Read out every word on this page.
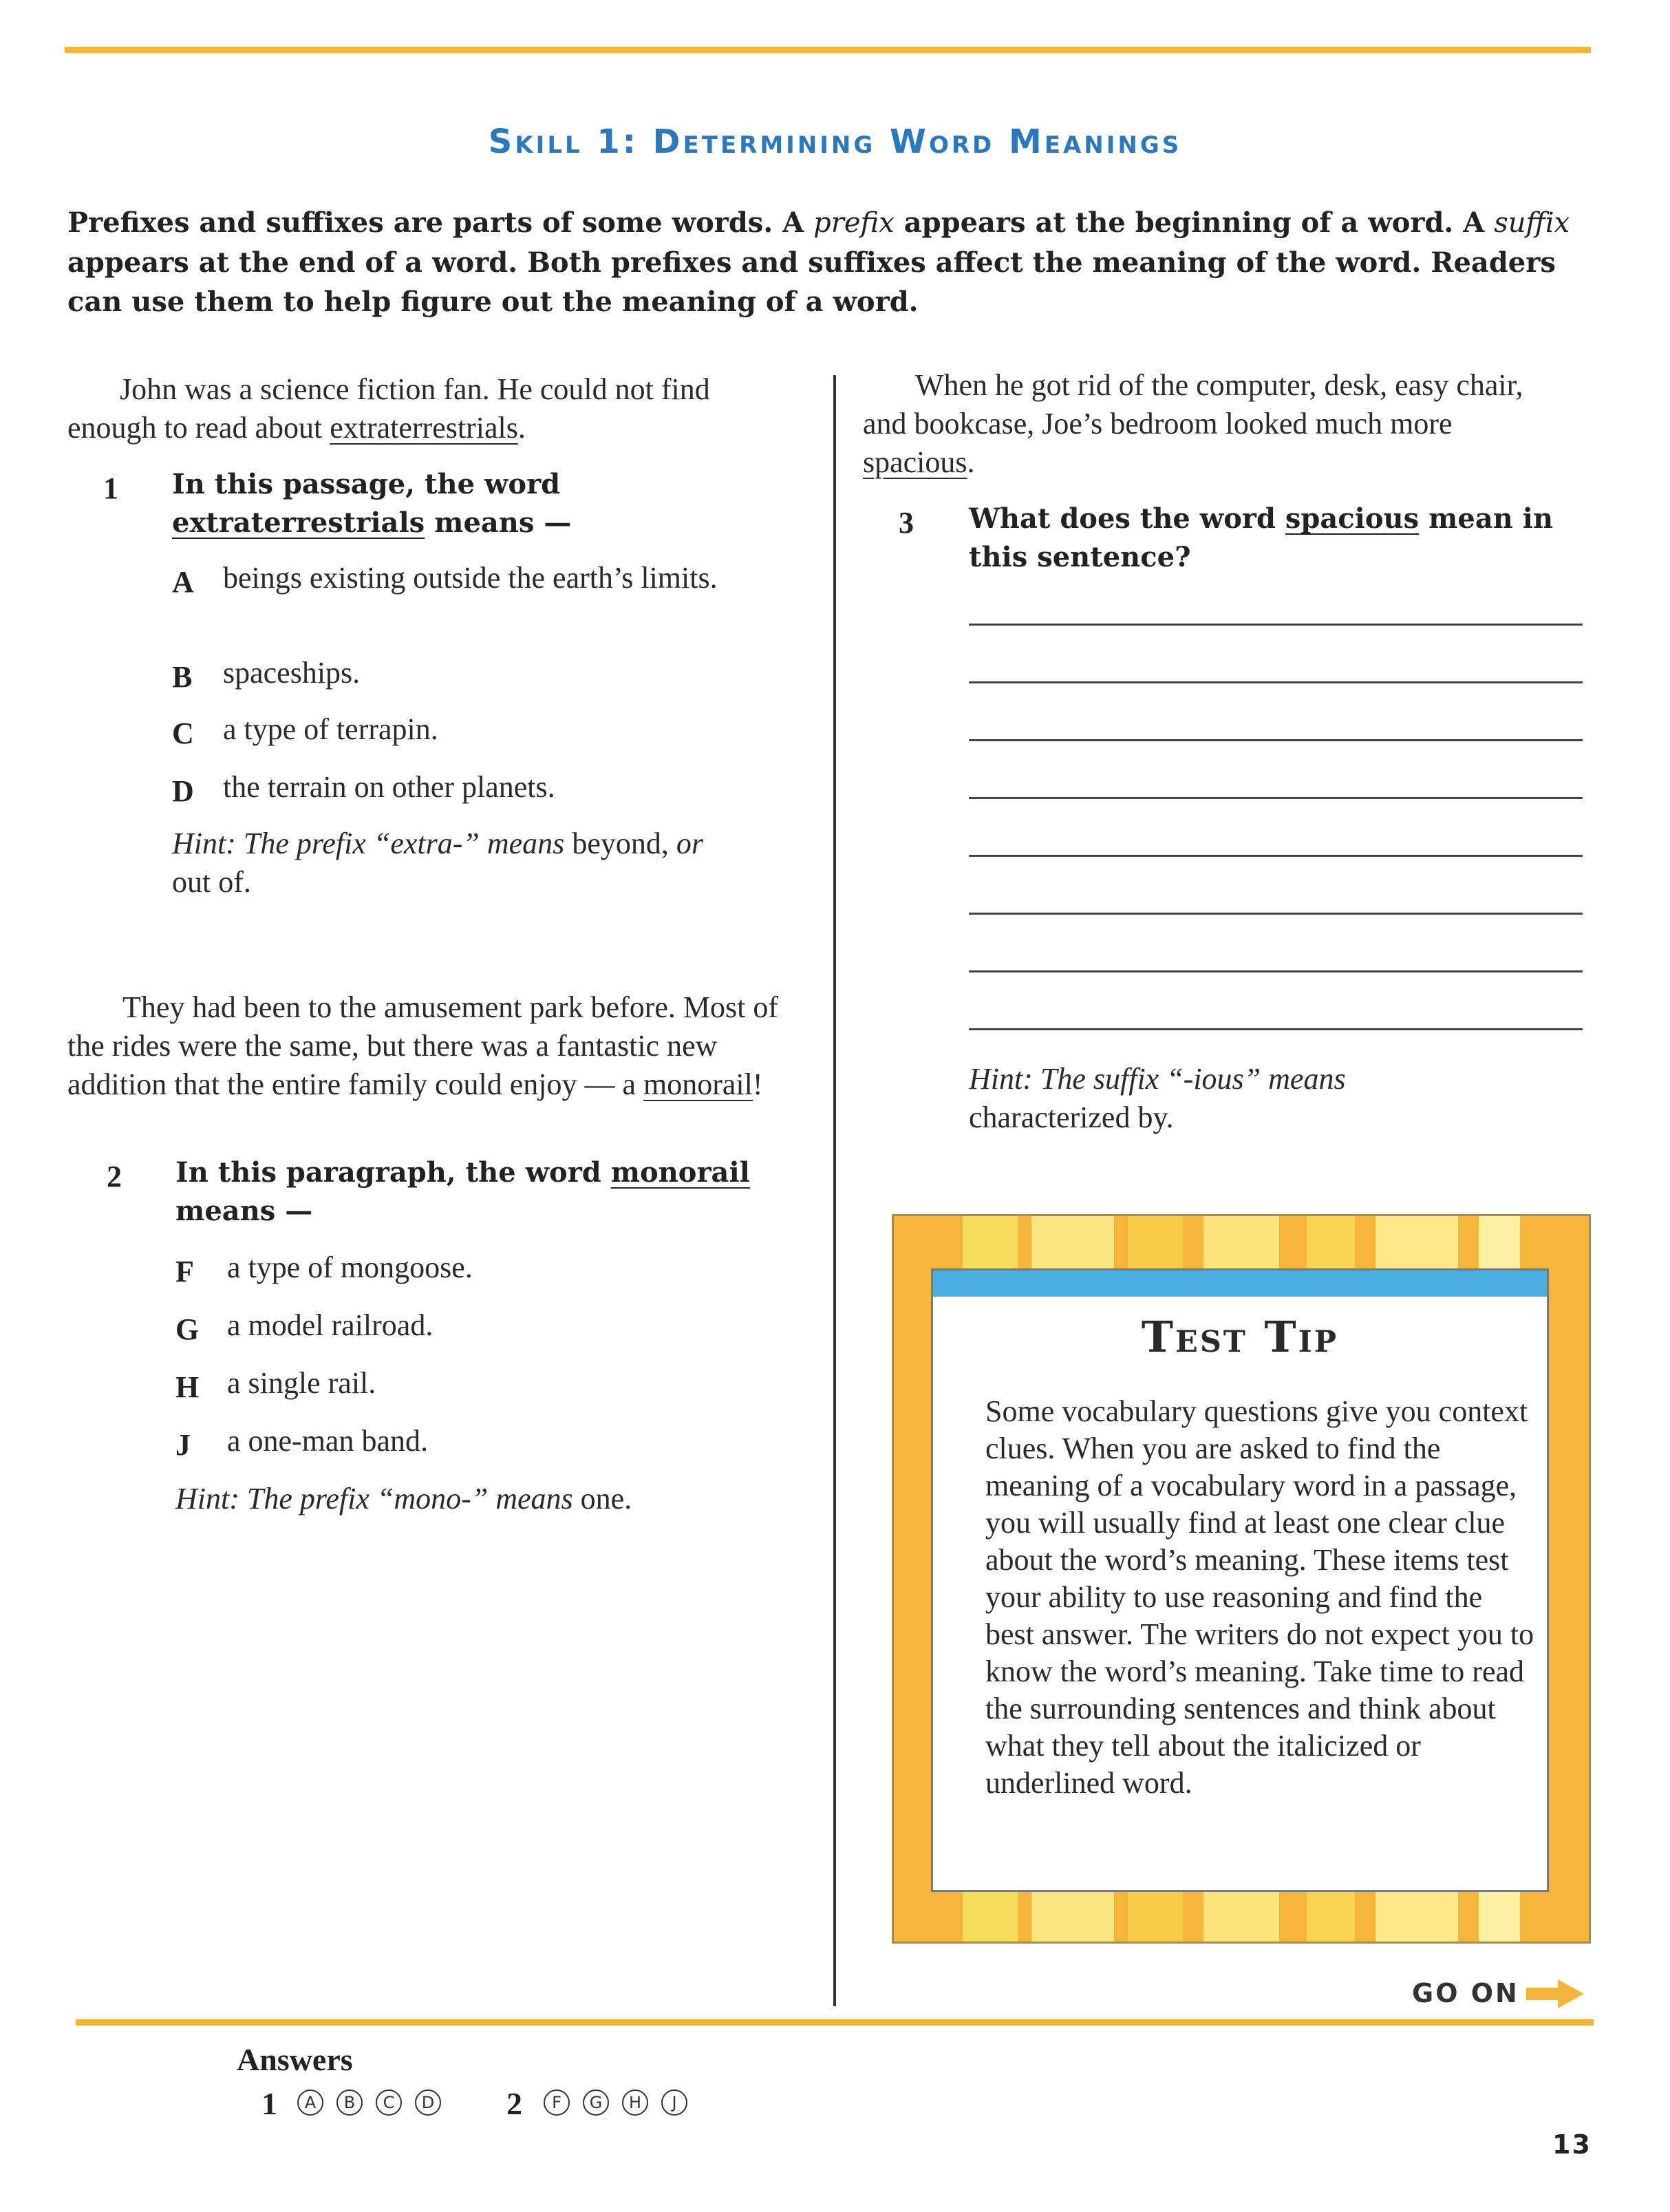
Skill 1: Determining Word Meanings
Prefixes and suffixes are parts of some words. A prefix appears at the beginning of a word. A suffix appears at the end of a word. Both prefixes and suffixes affect the meaning of the word. Readers can use them to help figure out the meaning of a word.
John was a science fiction fan. He could not find enough to read about extraterrestrials.
1 In this passage, the word extraterrestrials means —
A beings existing outside the earth’s limits.
B spaceships.
C a type of terrapin.
D the terrain on other planets.
Hint: The prefix “extra-” means beyond, or out of.
They had been to the amusement park before. Most of the rides were the same, but there was a fantastic new addition that the entire family could enjoy — a monorail!
2 In this paragraph, the word monorail means —
F a type of mongoose.
G a model railroad.
H a single rail.
J a one-man band.
Hint: The prefix “mono-” means one.
When he got rid of the computer, desk, easy chair, and bookcase, Joe’s bedroom looked much more spacious.
3 What does the word spacious mean in this sentence?
Hint: The suffix “-ious” means characterized by.
Test Tip
Some vocabulary questions give you context clues. When you are asked to find the meaning of a vocabulary word in a passage, you will usually find at least one clear clue about the word’s meaning. These items test your ability to use reasoning and find the best answer. The writers do not expect you to know the word’s meaning. Take time to read the surrounding sentences and think about what they tell about the italicized or underlined word.
GO ON
Answers
1	A	B	C	D 2	F	G	H	J
13
